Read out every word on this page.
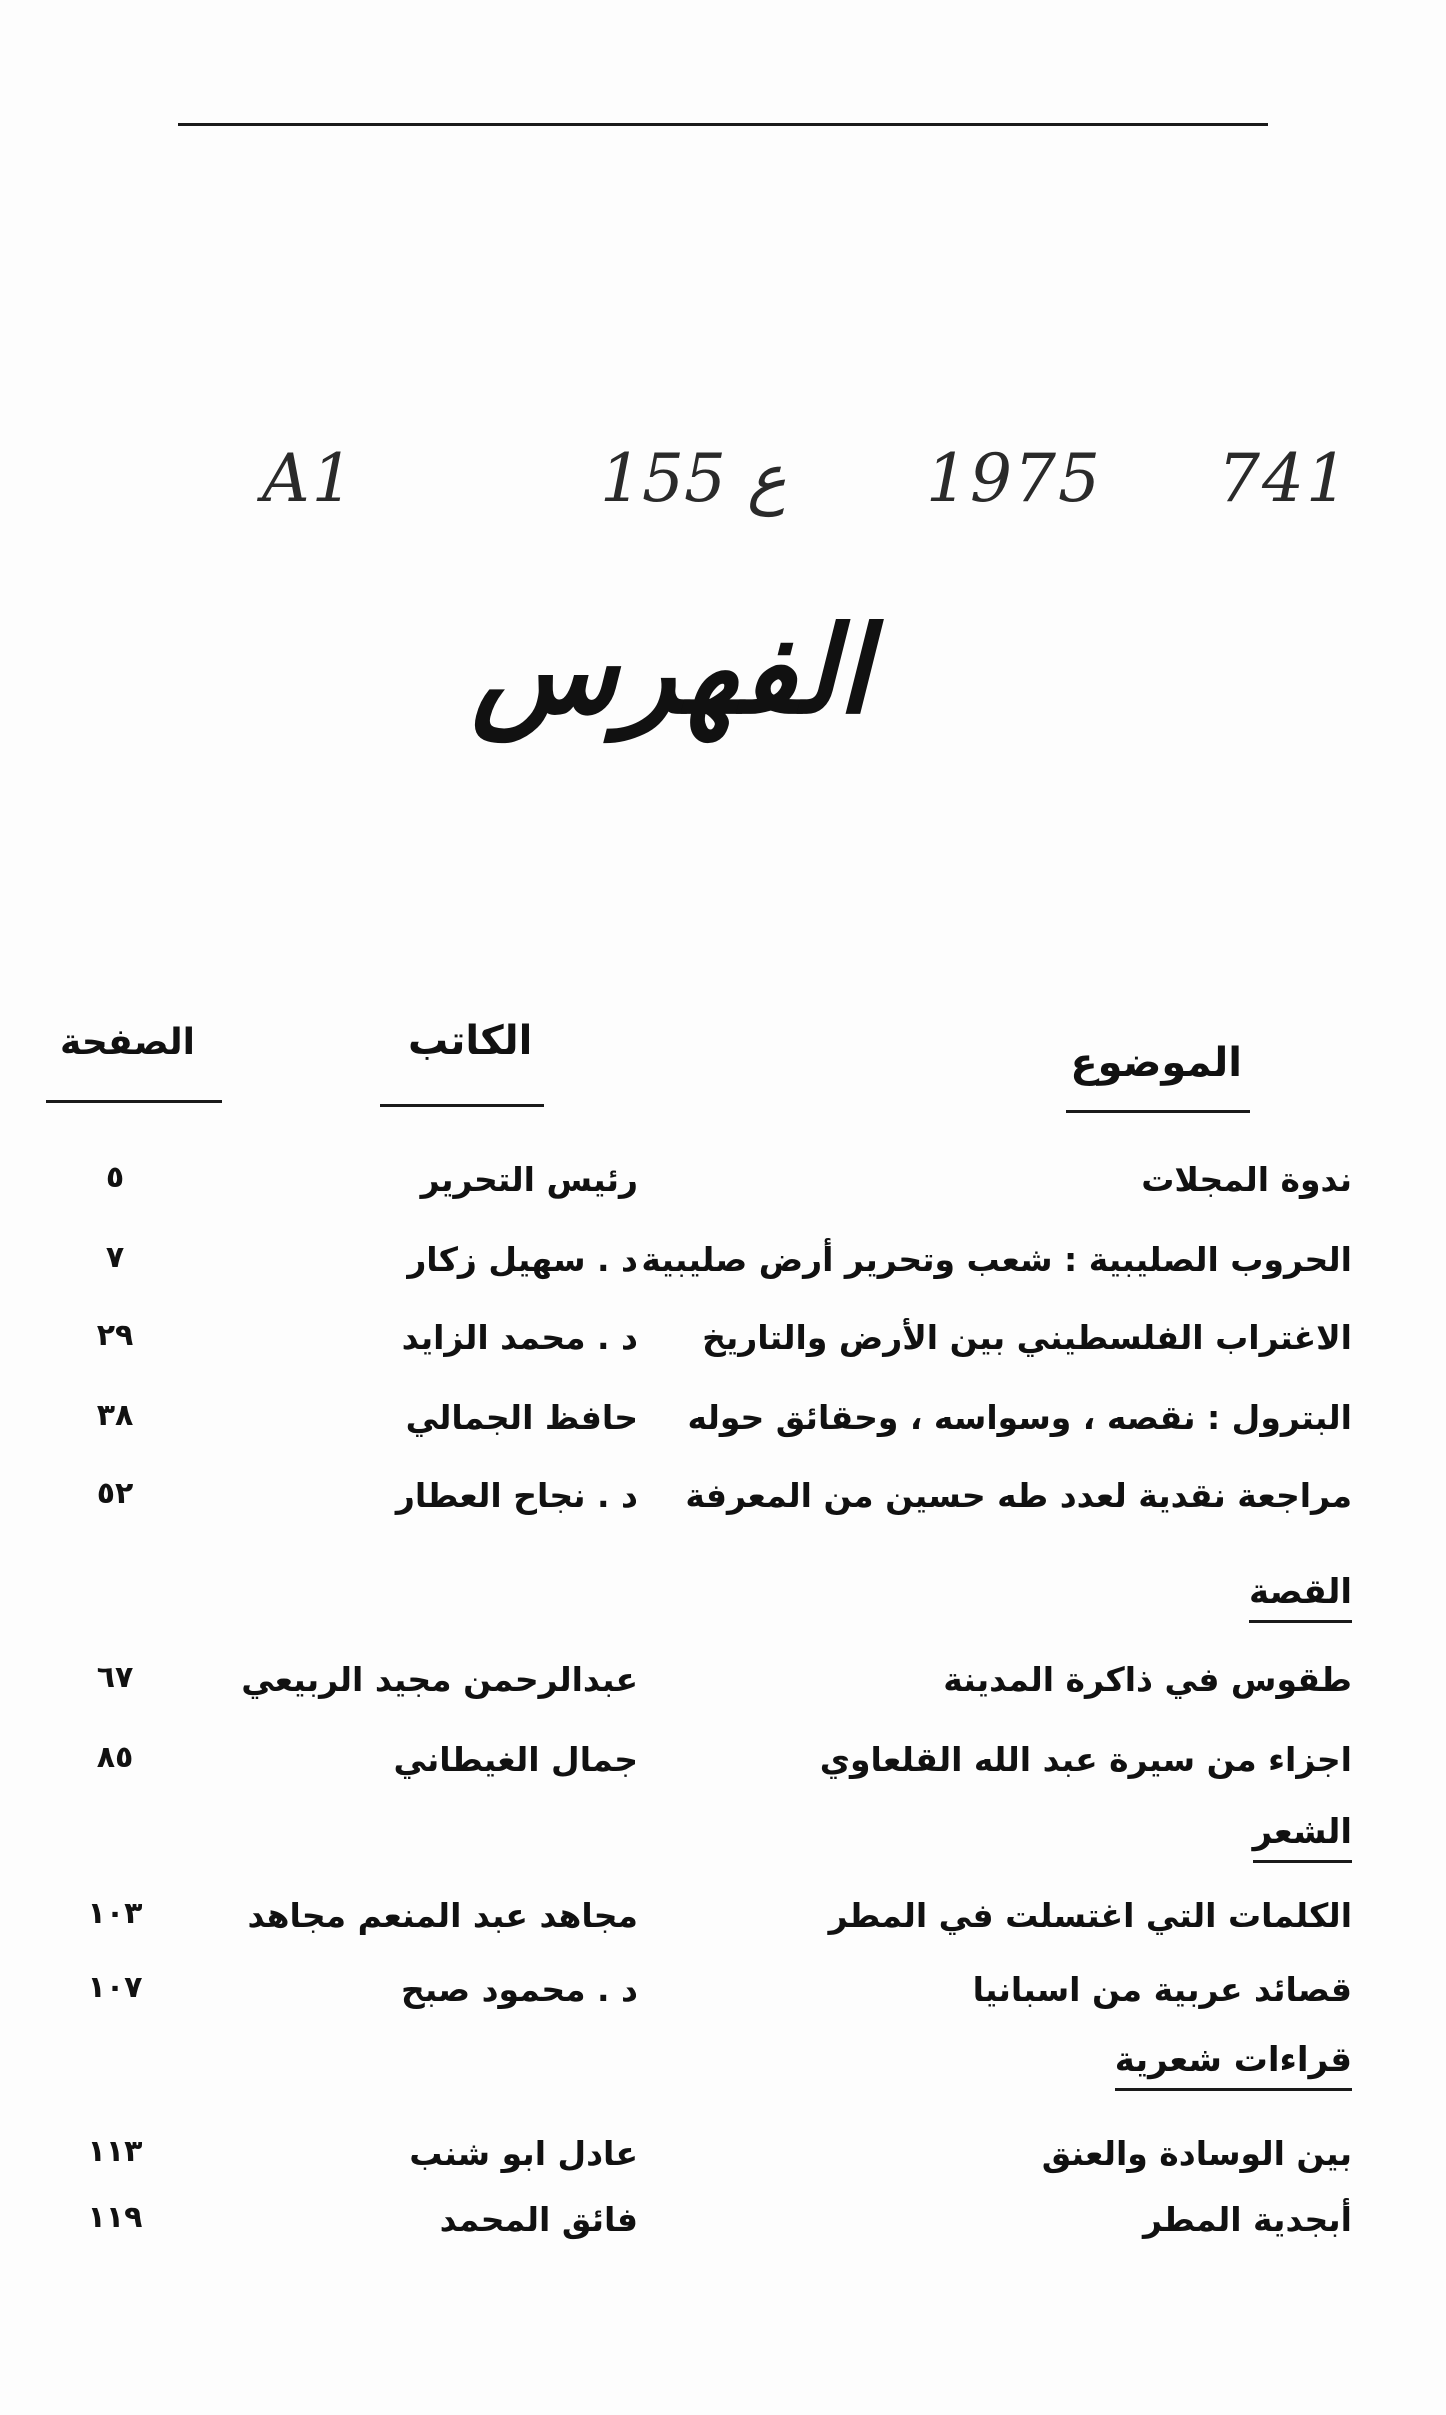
A1	155 ع 1975 741
الفهرس
الموضوع
الكاتب
الصفحة
ندوة المجلات
رئيس التحرير
٥
الحروب الصليبية : شعب وتحرير أرض صليبية
د . سهيل زكار
٧
الاغتراب الفلسطيني بين الأرض والتاريخ
د . محمد الزايد
٢٩
البترول : نقصه ، وسواسه ، وحقائق حوله
حافظ الجمالي
٣٨
مراجعة نقدية لعدد طه حسين من المعرفة
د . نجاح العطار
٥٢
القصة
طقوس في ذاكرة المدينة
عبدالرحمن مجيد الربيعي
٦٧
اجزاء من سيرة عبد الله القلعاوي
جمال الغيطاني
٨٥
الشعر
الكلمات التي اغتسلت في المطر
مجاهد عبد المنعم مجاهد
١٠٣
قصائد عربية من اسبانيا
د . محمود صبح
١٠٧
قراءات شعرية
بين الوسادة والعنق
عادل ابو شنب
١١٣
أبجدية المطر
فائق المحمد
١١٩
